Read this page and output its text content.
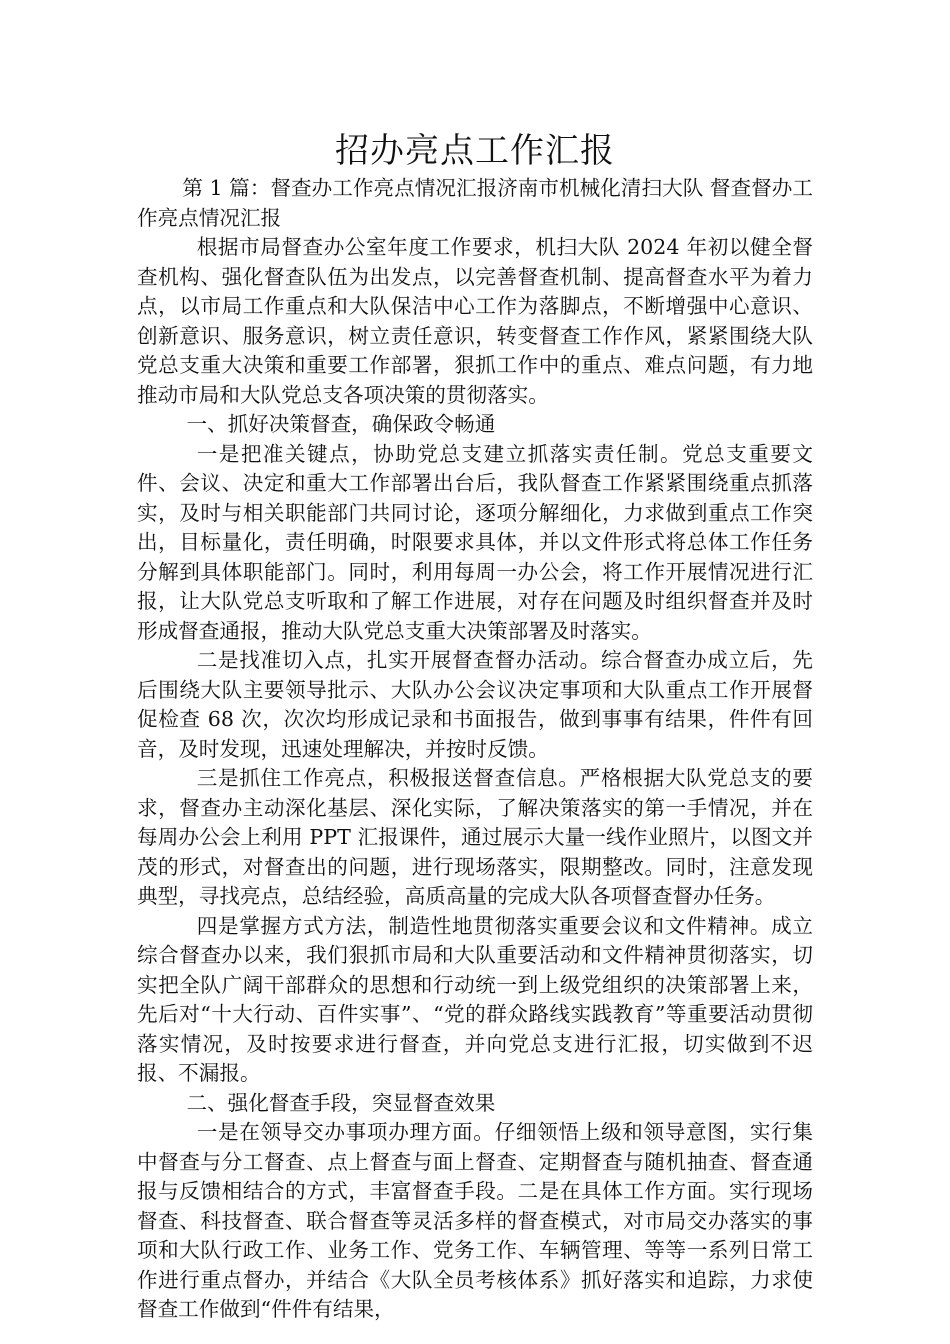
招办亮点工作汇报

第 1 篇：督查办工作亮点情况汇报济南市机械化清扫大队 督查督办工作亮点情况汇报

根据市局督查办公室年度工作要求，机扫大队 2024 年初以健全督查机构、强化督查队伍为出发点，以完善督查机制、提高督查水平为着力点，以市局工作重点和大队保洁中心工作为落脚点，不断增强中心意识、创新意识、服务意识，树立责任意识，转变督查工作作风，紧紧围绕大队党总支重大决策和重要工作部署，狠抓工作中的重点、难点问题，有力地推动市局和大队党总支各项决策的贯彻落实。

一、抓好决策督查，确保政令畅通

一是把准关键点，协助党总支建立抓落实责任制。党总支重要文件、会议、决定和重大工作部署出台后，我队督查工作紧紧围绕重点抓落实，及时与相关职能部门共同讨论，逐项分解细化，力求做到重点工作突出，目标量化，责任明确，时限要求具体，并以文件形式将总体工作任务分解到具体职能部门。同时，利用每周一办公会，将工作开展情况进行汇报，让大队党总支听取和了解工作进展，对存在问题及时组织督查并及时形成督查通报，推动大队党总支重大决策部署及时落实。

二是找准切入点，扎实开展督查督办活动。综合督查办成立后，先后围绕大队主要领导批示、大队办公会议决定事项和大队重点工作开展督促检查 68 次，次次均形成记录和书面报告，做到事事有结果，件件有回音，及时发现，迅速处理解决，并按时反馈。

三是抓住工作亮点，积极报送督查信息。严格根据大队党总支的要求，督查办主动深化基层、深化实际，了解决策落实的第一手情况，并在每周办公会上利用 PPT 汇报课件，通过展示大量一线作业照片，以图文并茂的形式，对督查出的问题，进行现场落实，限期整改。同时，注意发现典型，寻找亮点，总结经验，高质高量的完成大队各项督查督办任务。

四是掌握方式方法，制造性地贯彻落实重要会议和文件精神。成立综合督查办以来，我们狠抓市局和大队重要活动和文件精神贯彻落实，切实把全队广阔干部群众的思想和行动统一到上级党组织的决策部署上来，先后对“十大行动、百件实事”、“党的群众路线实践教育”等重要活动贯彻落实情况，及时按要求进行督查，并向党总支进行汇报，切实做到不迟报、不漏报。

二、强化督查手段，突显督查效果

一是在领导交办事项办理方面。仔细领悟上级和领导意图，实行集中督查与分工督查、点上督查与面上督查、定期督查与随机抽查、督查通报与反馈相结合的方式，丰富督查手段。二是在具体工作方面。实行现场督查、科技督查、联合督查等灵活多样的督查模式，对市局交办落实的事项和大队行政工作、业务工作、党务工作、车辆管理、等等一系列日常工作进行重点督办，并结合《大队全员考核体系》抓好落实和追踪，力求使督查工作做到“件件有结果，
